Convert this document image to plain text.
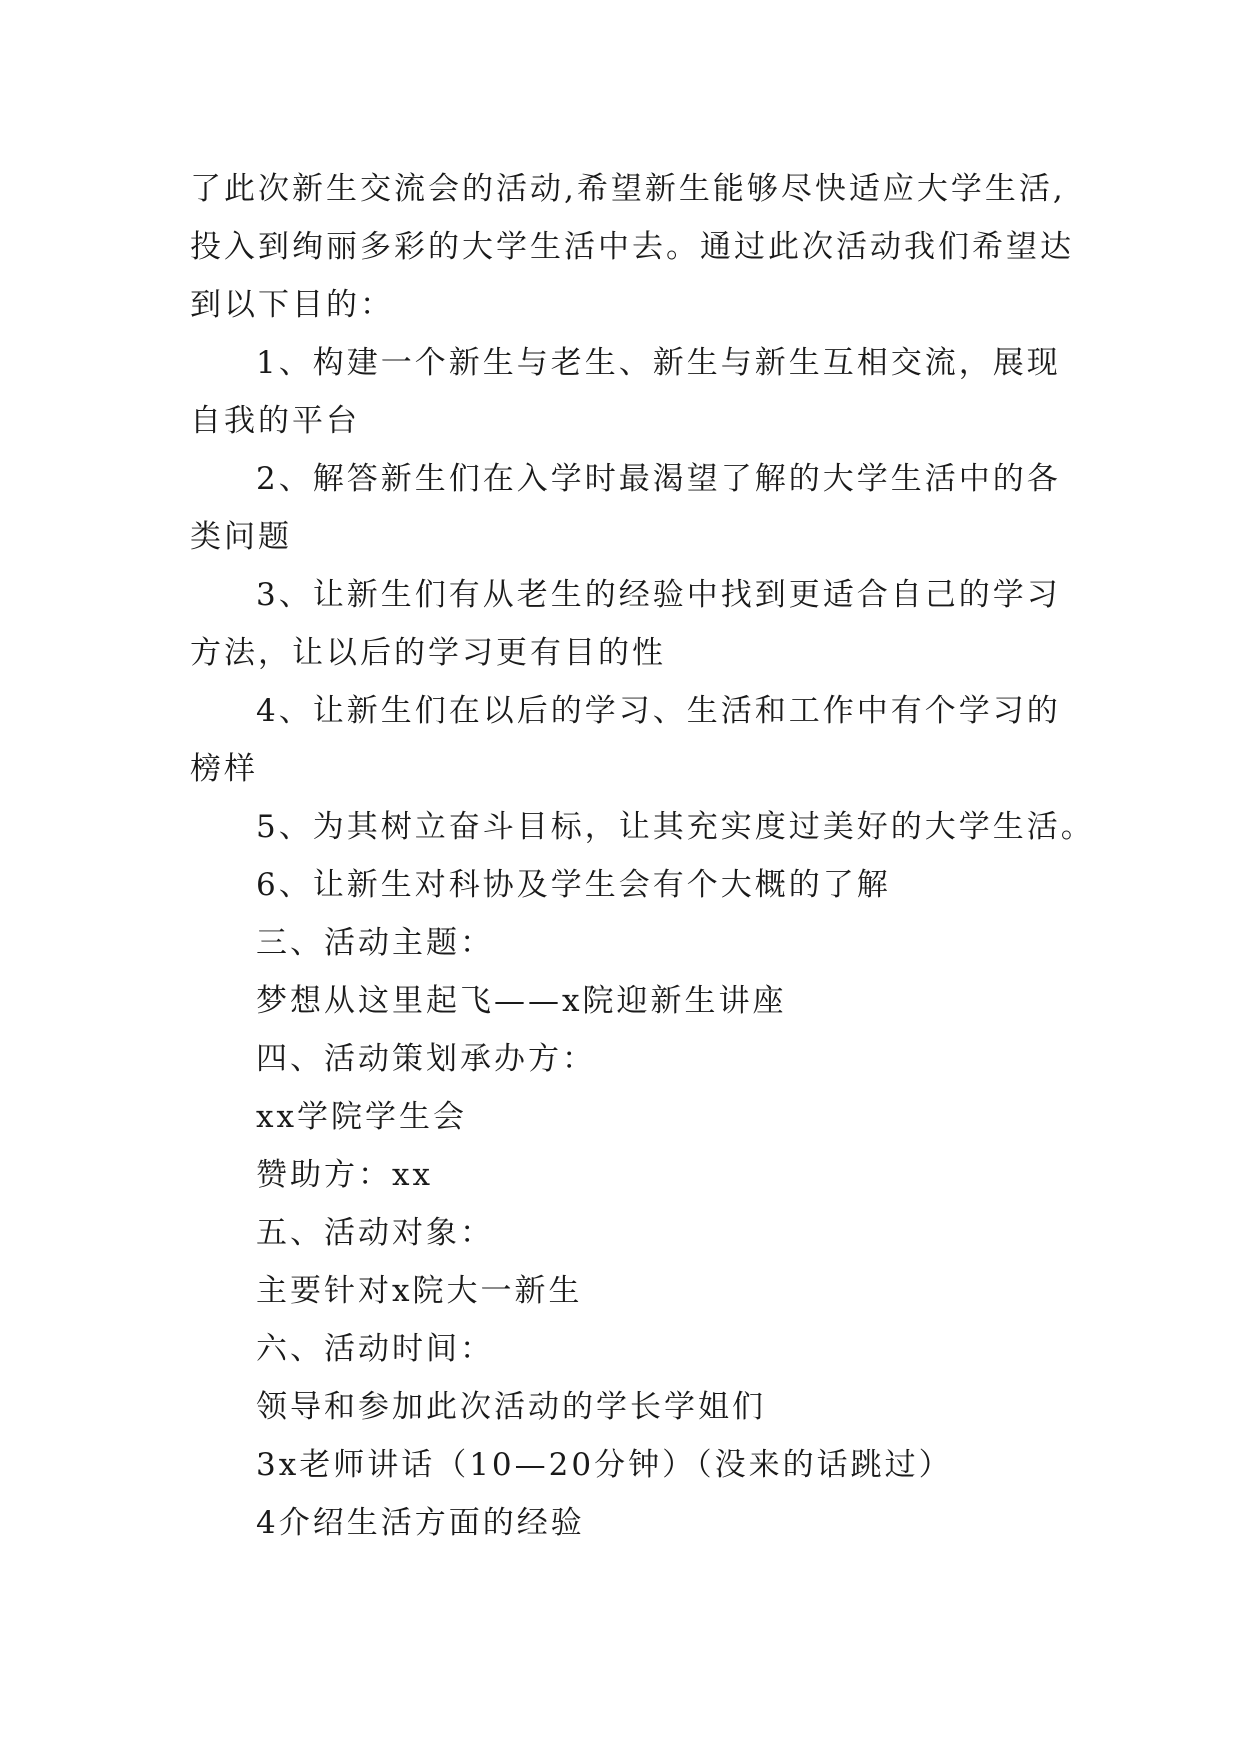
了此次新生交流会的活动,希望新生能够尽快适应大学生活,
投入到绚丽多彩的大学生活中去。通过此次活动我们希望达
到以下目的：
1、构建一个新生与老生、新生与新生互相交流，展现
自我的平台
2、解答新生们在入学时最渴望了解的大学生活中的各
类问题
3、让新生们有从老生的经验中找到更适合自己的学习
方法，让以后的学习更有目的性
4、让新生们在以后的学习、生活和工作中有个学习的
榜样
5、为其树立奋斗目标，让其充实度过美好的大学生活。
6、让新生对科协及学生会有个大概的了解
三、活动主题：
梦想从这里起飞——x院迎新生讲座
四、活动策划承办方：
xx学院学生会
赞助方：xx
五、活动对象：
主要针对x院大一新生
六、活动时间：
领导和参加此次活动的学长学姐们
3x老师讲话（10—20分钟）（没来的话跳过）
4介绍生活方面的经验
